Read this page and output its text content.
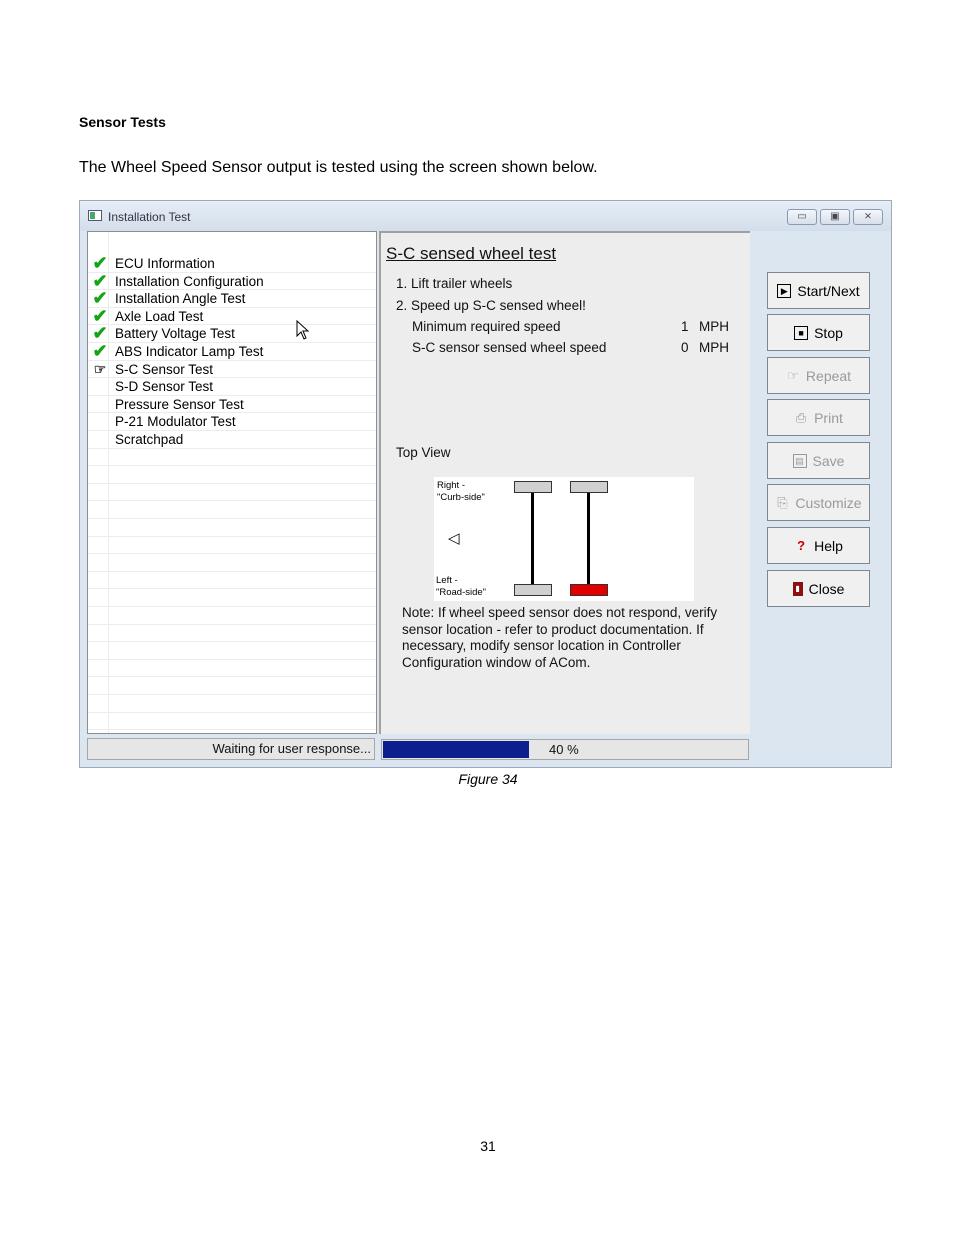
Sensor Tests
The Wheel Speed Sensor output is tested using the screen shown below.
Installation Test	▭	▣	⨯
✔ ECU Information
✔ Installation Configuration
✔ Installation Angle Test
✔ Axle Load Test
✔ Battery Voltage Test
✔ ABS Indicator Lamp Test
☞ S-C Sensor Test
S-D Sensor Test
Pressure Sensor Test
P-21 Modulator Test
Scratchpad
S-C sensed wheel test
1. Lift trailer wheels
2. Speed up S-C sensed wheel!
Minimum required speed	1 MPH
S-C sensor sensed wheel speed	0 MPH
Top View
Right -
"Curb-side"
Left -
"Road-side"
◁
Note: If wheel speed sensor does not respond, verify sensor location - refer to product documentation. If necessary, modify sensor location in Controller Configuration window of ACom.
▶ Start/Next
■ Stop
☞ Repeat
⎙ Print
▤ Save
⎘ Customize
? Help
▮ Close
Waiting for user response...	40 %
Figure 34
31
